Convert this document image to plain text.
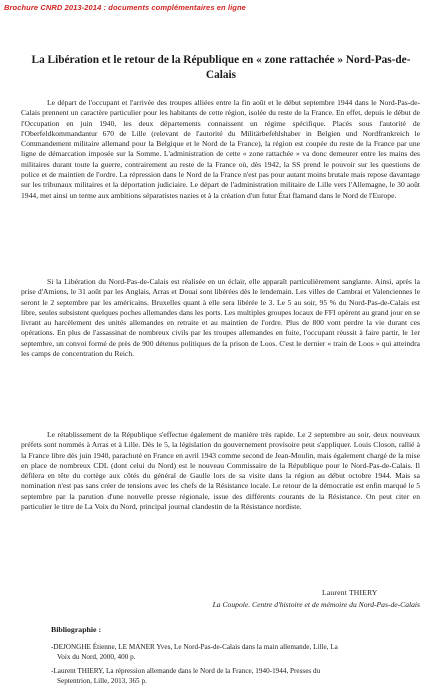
Brochure CNRD 2013-2014 : documents complémentaires en ligne
La Libération et le retour de la République en « zone rattachée » Nord-Pas-de-Calais

Le départ de l'occupant et l'arrivée des troupes alliées entre la fin août et le début septembre 1944 dans le Nord-Pas-de-Calais prennent un caractère particulier pour les habitants de cette région, isolée du reste de la France. En effet, depuis le début de l'Occupation en juin 1940, les deux départements connaissent un régime spécifique. Placés sous l'autorité de l'Oberfeldkommandantur 670 de Lille (relevant de l'autorité du Militärbefehlshaber in Belgien und Nordfrankreich le Commandement militaire allemand pour la Belgique et le Nord de la France), la région est coupée du reste de la France par une ligne de démarcation imposée sur la Somme. L'administration de cette « zone rattachée » va donc demeurer entre les mains des militaires durant toute la guerre, contrairement au reste de la France où, dès 1942, la SS prend le pouvoir sur les questions de police et de maintien de l'ordre. La répression dans le Nord de la France n'est pas pour autant moins brutale mais repose davantage sur les tribunaux militaires et la déportation judiciaire. Le départ de l'administration militaire de Lille vers l'Allemagne, le 30 août 1944, met ainsi un terme aux ambitions séparatistes nazies et à la création d'un futur État flamand dans le Nord de l'Europe.

Si la Libération du Nord-Pas-de-Calais est réalisée en un éclair, elle apparaît particulièrement sanglante. Ainsi, après la prise d'Amiens, le 31 août par les Anglais, Arras et Douai sont libérées dès le lendemain. Les villes de Cambrai et Valenciennes le seront le 2 septembre par les américains. Bruxelles quant à elle sera libérée le 3. Le 5 au soir, 95 % du Nord-Pas-de-Calais est libre, seules subsistent quelques poches allemandes dans les ports. Les multiples groupes locaux de FFI opèrent au grand jour en se livrant au harcèlement des unités allemandes en retraite et au maintien de l'ordre. Plus de 800 vont perdre la vie durant ces opérations. En plus de l'assassinat de nombreux civils par les troupes allemandes en fuite, l'occupant réussit à faire partir, le 1er septembre, un convoi formé de près de 900 détenus politiques de la prison de Loos. C'est le dernier « train de Loos » qui atteindra les camps de concentration du Reich.

Le rétablissement de la République s'effectue également de manière très rapide. Le 2 septembre au soir, deux nouveaux préfets sont nommés à Arras et à Lille. Dès le 5, la législation du gouvernement provisoire peut s'appliquer. Louis Closon, rallié à la France libre dès juin 1940, parachuté en France en avril 1943 comme second de Jean-Moulin, mais également chargé de la mise en place de nombreux CDL (dont celui du Nord) est le nouveau Commissaire de la République pour le Nord-Pas-de-Calais. Il défilera en tête du cortège aux côtés du général de Gaulle lors de sa visite dans la région au début octobre 1944. Mais sa nomination n'est pas sans créer de tensions avec les chefs de la Résistance locale. Le retour de la démocratie est enfin marqué le 5 septembre par la parution d'une nouvelle presse régionale, issue des différents courants de la Résistance. On peut citer en particulier le titre de La Voix du Nord, principal journal clandestin de la Résistance nordiste.

Laurent THIERY
La Coupole. Centre d'histoire et de mémoire du Nord-Pas-de-Calais
Bibliographie :
-DEJONGHE Étienne, LE MANER Yves, Le Nord-Pas-de-Calais dans la main allemande, Lille, La
Voix du Nord, 2000, 400 p.
-Laurent THIERY, La répression allemande dans le Nord de la France, 1940-1944, Presses du
Septentrion, Lille, 2013, 365 p.
